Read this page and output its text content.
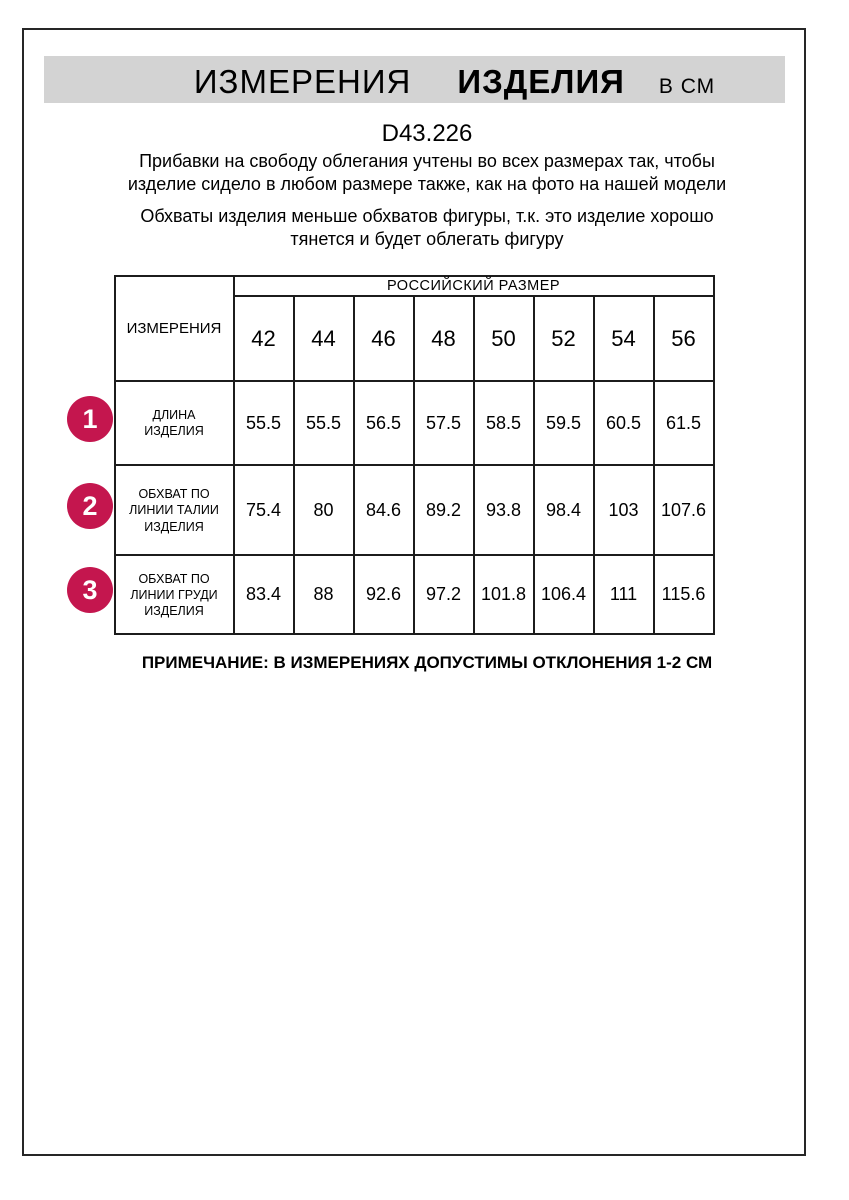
ИЗМЕРЕНИЯ ИЗДЕЛИЯ В СМ
D43.226

Прибавки на свободу облегания учтены во всех размерах так, чтобы изделие сидело в любом размере также, как на фото на нашей модели

Обхваты изделия меньше обхватов фигуры, т.к. это изделие хорошо тянется и будет облегать фигуру

1
2
3
ИЗМЕРЕНИЯ	РОССИЙСКИЙ РАЗМЕР							
	42	44	46	48	50	52	54	56
ДЛИНА ИЗДЕЛИЯ	55.5	55.5	56.5	57.5	58.5	59.5	60.5	61.5
ОБХВАТ ПО ЛИНИИ ТАЛИИ ИЗДЕЛИЯ	75.4	80	84.6	89.2	93.8	98.4	103	107.6
ОБХВАТ ПО ЛИНИИ ГРУДИ ИЗДЕЛИЯ	83.4	88	92.6	97.2	101.8	106.4	111	115.6
ПРИМЕЧАНИЕ: В ИЗМЕРЕНИЯХ ДОПУСТИМЫ ОТКЛОНЕНИЯ 1-2 СМ
